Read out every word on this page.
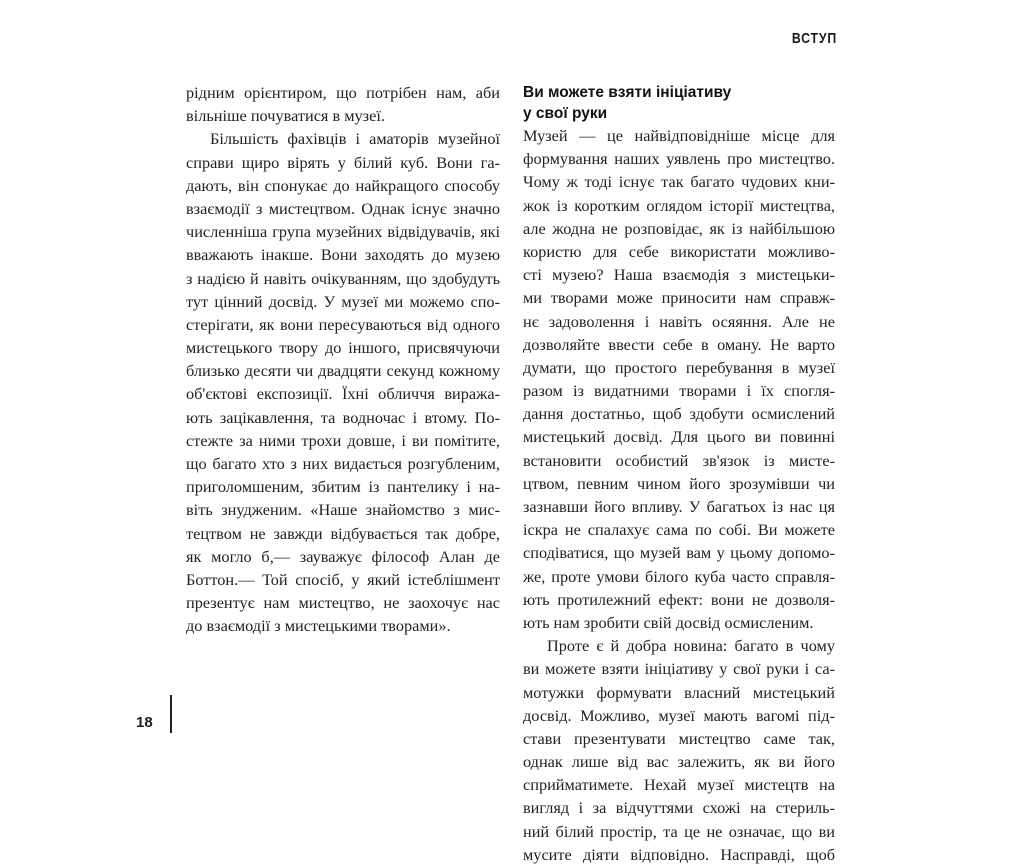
ВСТУП
рідним орієнтиром, що потрібен нам, аби
вільніше почуватися в музеї.
Більшість фахівців і аматорів музейної
справи щиро вірять у білий куб. Вони га-
дають, він спонукає до найкращого способу
взаємодії з мистецтвом. Однак існує значно
численніша група музейних відвідувачів, які
вважають інакше. Вони заходять до музею
з надією й навіть очікуванням, що здобудуть
тут цінний досвід. У музеї ми можемо спо-
стерігати, як вони пересуваються від одного
мистецького твору до іншого, присвячуючи
близько десяти чи двадцяти секунд кожному
об'єктові експозиції. Їхні обличчя виража-
ють зацікавлення, та водночас і втому. По-
стежте за ними трохи довше, і ви помітите,
що багато хто з них видається розгубленим,
приголомшеним, збитим із пантелику і на-
віть знудженим. «Наше знайомство з мис-
тецтвом не завжди відбувається так добре,
як могло б,— зауважує філософ Алан де
Боттон.— Той спосіб, у який істеблішмент
презентує нам мистецтво, не заохочує нас
до взаємодії з мистецькими творами».
Ви можете взяти ініціативу
у свої руки
Музей — це найвідповідніше місце для
формування наших уявлень про мистецтво.
Чому ж тоді існує так багато чудових кни-
жок із коротким оглядом історії мистецтва,
але жодна не розповідає, як із найбільшою
користю для себе використати можливо-
сті музею? Наша взаємодія з мистецьки-
ми творами може приносити нам справж-
нє задоволення і навіть осяяння. Але не
дозволяйте ввести себе в оману. Не варто
думати, що простого перебування в музеї
разом із видатними творами і їх спогля-
дання достатньо, щоб здобути осмислений
мистецький досвід. Для цього ви повинні
встановити особистий зв'язок із мисте-
цтвом, певним чином його зрозумівши чи
зазнавши його впливу. У багатьох із нас ця
іскра не спалахує сама по собі. Ви можете
сподіватися, що музей вам у цьому допомо-
же, проте умови білого куба часто справля-
ють протилежний ефект: вони не дозволя-
ють нам зробити свій досвід осмисленим.
Проте є й добра новина: багато в чому
ви можете взяти ініціативу у свої руки і са-
мотужки формувати власний мистецький
досвід. Можливо, музеї мають вагомі під-
стави презентувати мистецтво саме так,
однак лише від вас залежить, як ви його
сприйматимете. Нехай музеї мистецтв на
вигляд і за відчуттями схожі на стериль-
ний білий простір, та це не означає, що ви
мусите діяти відповідно. Насправді, щоб
18
